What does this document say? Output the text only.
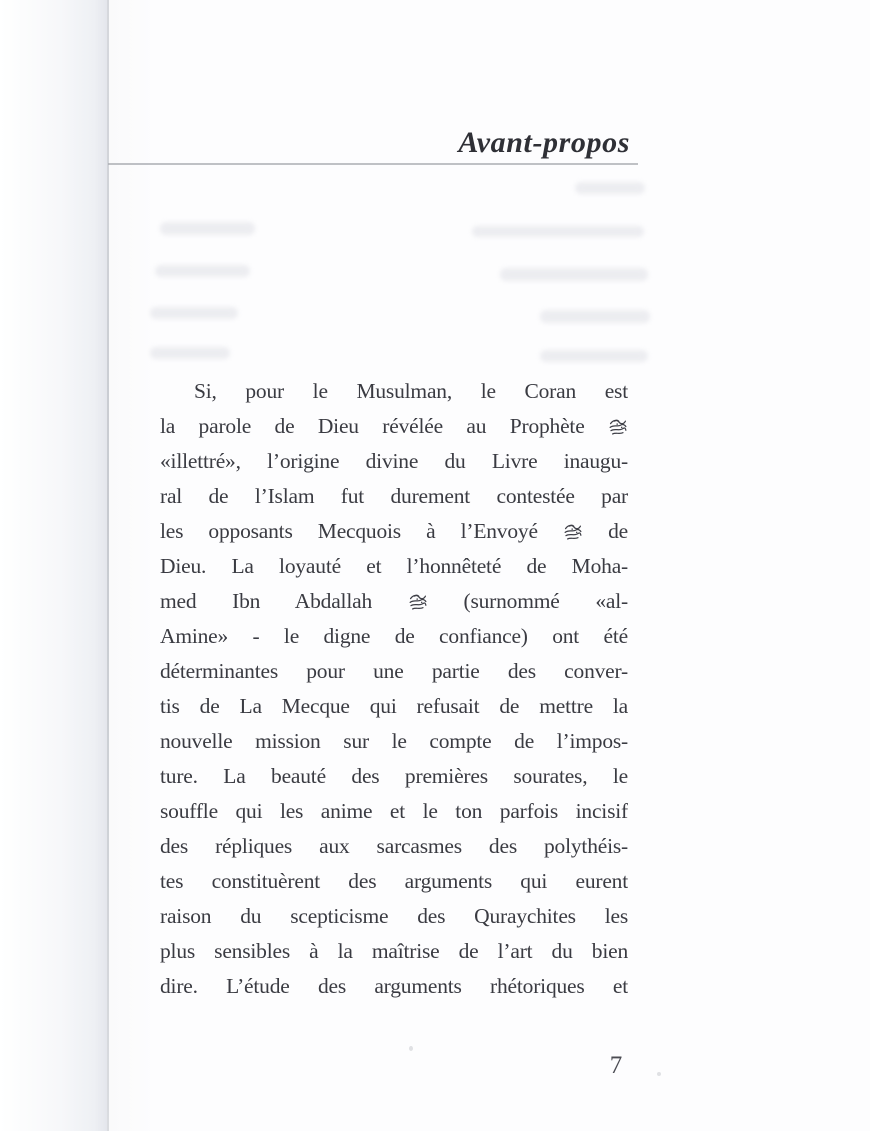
Avant-propos
Si, pour le Musulman, le Coran est
la parole de Dieu révélée au Prophète
«illettré», l’origine divine du Livre inaugu-
ral de l’Islam fut durement contestée par
les opposants Mecquois à l’Envoyé
de
Dieu. La loyauté et l’honnêteté de Moha-
med Ibn Abdallah
(surnommé «al-
Amine» - le digne de confiance) ont été
déterminantes pour une partie des conver-
tis de La Mecque qui refusait de mettre la
nouvelle mission sur le compte de l’impos-
ture. La beauté des premières sourates, le
souffle qui les anime et le ton parfois incisif
des répliques aux sarcasmes des polythéis-
tes constituèrent des arguments qui eurent
raison du scepticisme des Quraychites les
plus sensibles à la maîtrise de l’art du bien
dire. L’étude des arguments rhétoriques et
7
